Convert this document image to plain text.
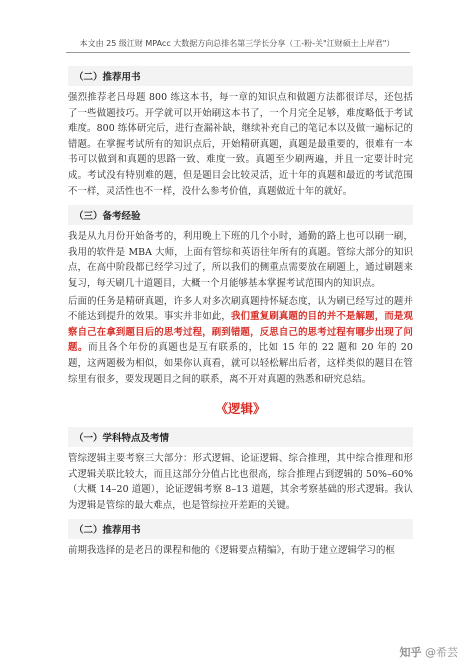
本文由 25 级江财 MPAcc 大数据方向总排名第三学长分享（工-粉-关"江财硕士上岸君"）
（二）推荐用书

强烈推荐老吕母题 800 练这本书，每一章的知识点和做题方法都很详尽，还包括了一些做题技巧。开学就可以开始刷这本书了，一个月完全足够，难度略低于考试难度。800 练体研完后，进行查漏补缺，继续补充自己的笔记本以及做一遍标记的错题。在掌握考试所有的知识点后，开始精研真题，真题是最重要的，很难有一本书可以做到和真题的思路一致、难度一致。真题至少刷两遍，并且一定要计时完成。考试没有特别难的题，但是题目会比较灵活，近十年的真题和最近的考试范围不一样，灵活性也不一样，没什么参考价值，真题做近十年的就好。

（三）备考经验

我是从九月份开始备考的，利用晚上下班的几个小时，通勤的路上也可以刷一刷，我用的软件是 MBA 大师，上面有管综和英语往年所有的真题。管综大部分的知识点，在高中阶段都已经学习过了，所以我们的侧重点需要放在刷题上，通过刷题来复习，每天刷几十道题目，大概一个月能够基本掌握考试范围内的知识点。

后面的任务是精研真题，许多人对多次刷真题持怀疑态度，认为刷已经写过的题并不能达到提升的效果。事实并非如此，我们重复刷真题的目的并不是解题，而是观察自己在拿到题目后的思考过程，刷到错题，反思自己的思考过程有哪步出现了问题。而且各个年份的真题也是互有联系的，比如 15 年的 22 题和 20 年的 20 题，这两题极为相似，如果你认真看，就可以轻松解出后者，这样类似的题目在管综里有很多，要发现题目之间的联系，离不开对真题的熟悉和研究总结。

《逻辑》
（一）学科特点及考情

管综逻辑主要考察三大部分：形式逻辑、论证逻辑、综合推理，其中综合推理和形式逻辑关联比较大，而且这部分分值占比也很高，综合推理占到逻辑的 50%–60%（大概 14–20 道题），论证逻辑考察 8–13 道题，其余考察基础的形式逻辑。我认为逻辑是管综的最大难点，也是管综拉开差距的关键。

（二）推荐用书

前期我选择的是老吕的课程和他的《逻辑要点精编》，有助于建立逻辑学习的框

知乎 @希芸
